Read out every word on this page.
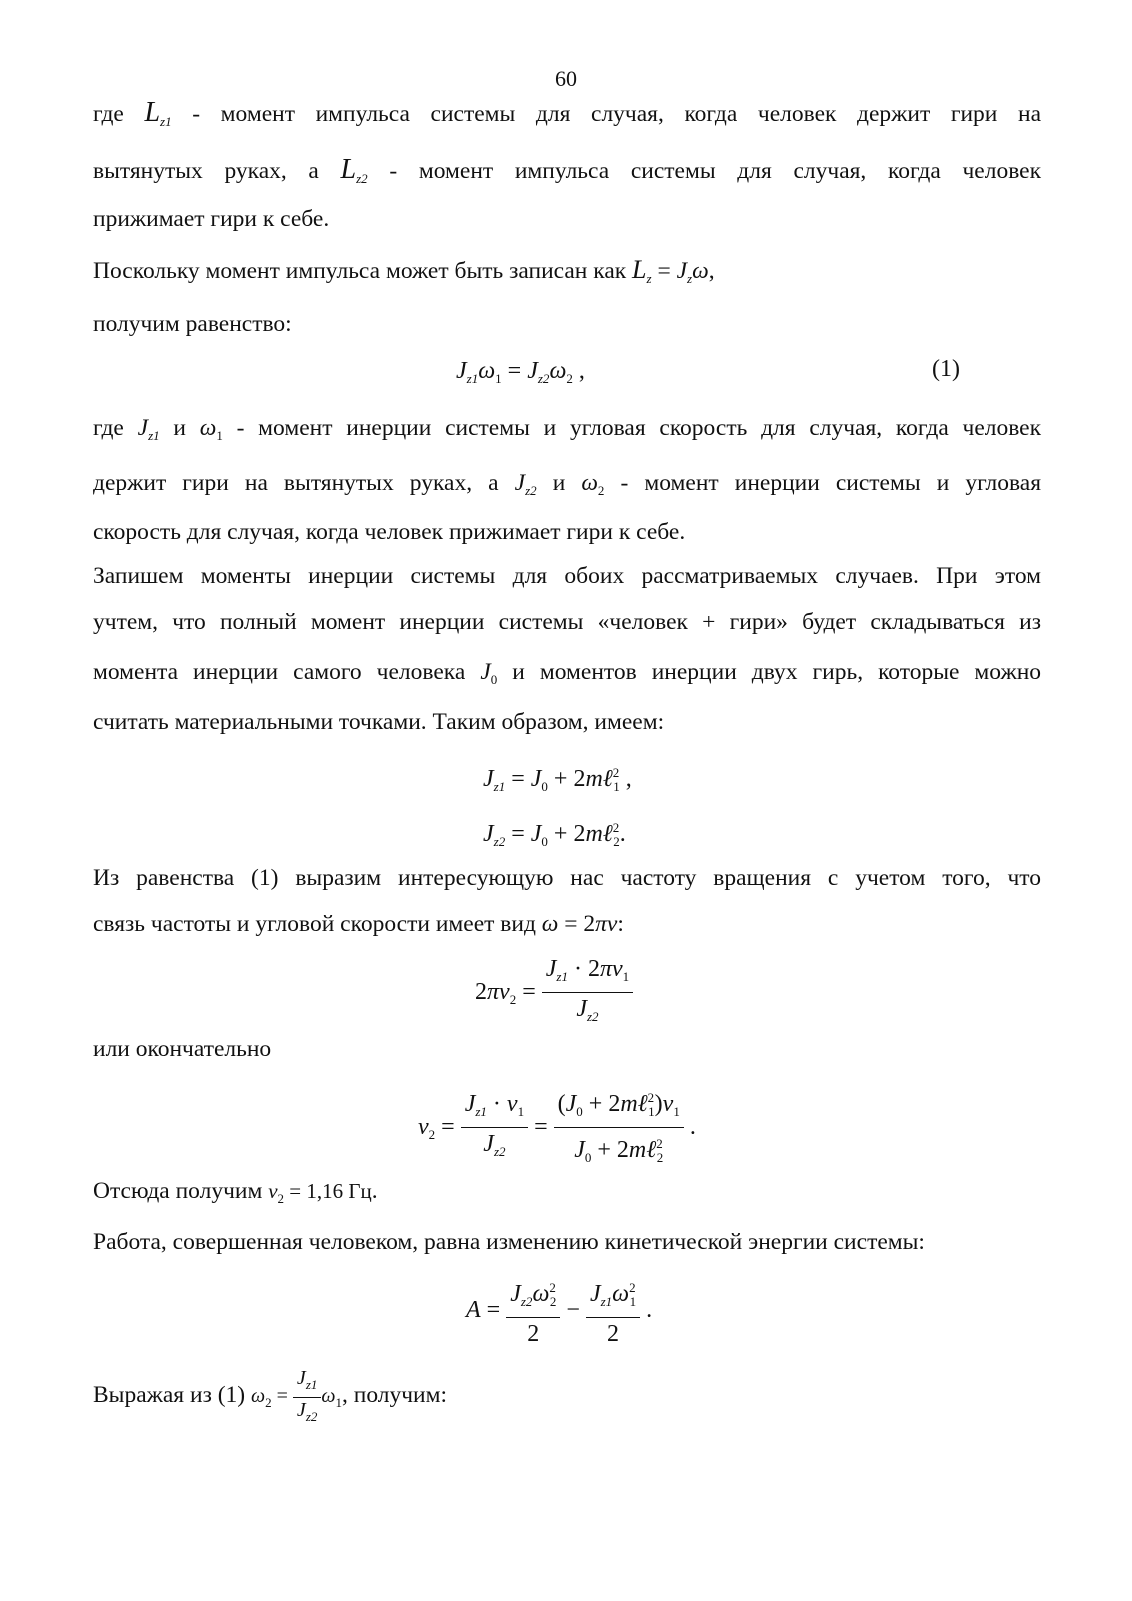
60
где $L_{z1}$ - момент импульса системы для случая, когда человек держит гири на
вытянутых руках, а $L_{z2}$ - момент импульса системы для случая, когда человек
прижимает гири к себе.
Поскольку момент импульса может быть записан как $L_z = J_z\omega$,
получим равенство:
$J_{z1}\omega_1 = J_{z2}\omega_2$ ,	(1)
где $J_{z1}$ и $\omega_1$ - момент инерции системы и угловая скорость для случая, когда человек
держит гири на вытянутых руках, а $J_{z2}$ и $\omega_2$ - момент инерции системы и угловая
скорость для случая, когда человек прижимает гири к себе.
Запишем моменты инерции системы для обоих рассматриваемых случаев. При этом
учтем, что полный момент инерции системы «человек + гири» будет складываться из
момента инерции самого человека $J_0$ и моментов инерции двух гирь, которые можно
считать материальными точками. Таким образом, имеем:
$J_{z1} = J_0$ + 2mℓ$^2_1$ ,
$J_{z2} = J_0$ + 2mℓ$^2_2$.
Из равенства (1) выразим интересующую нас частоту вращения с учетом того, что
связь частоты и угловой скорости имеет вид ω = 2πν:
$2\pi\nu_2 = \frac{J_{z1} \cdot 2\pi\nu_1}{J_{z2}}$
или окончательно
$\nu_2 = \frac{J_{z1} \cdot \nu_1}{J_{z2}} = \frac{(J_0 + 2m\ell^2_1)\nu_1}{J_0 + 2m\ell^2_2}$ .
Отсюда получим $\nu_2 = 1,16$ Гц.
Работа, совершенная человеком, равна изменению кинетической энергии системы:
$A = \frac{J_{z2}\omega^2_2}{2} - \frac{J_{z1}\omega^2_1}{2}$ .
Выражая из (1) $\omega_2 = \frac{J_{z1}}{J_{z2}} \omega_1$, получим:
